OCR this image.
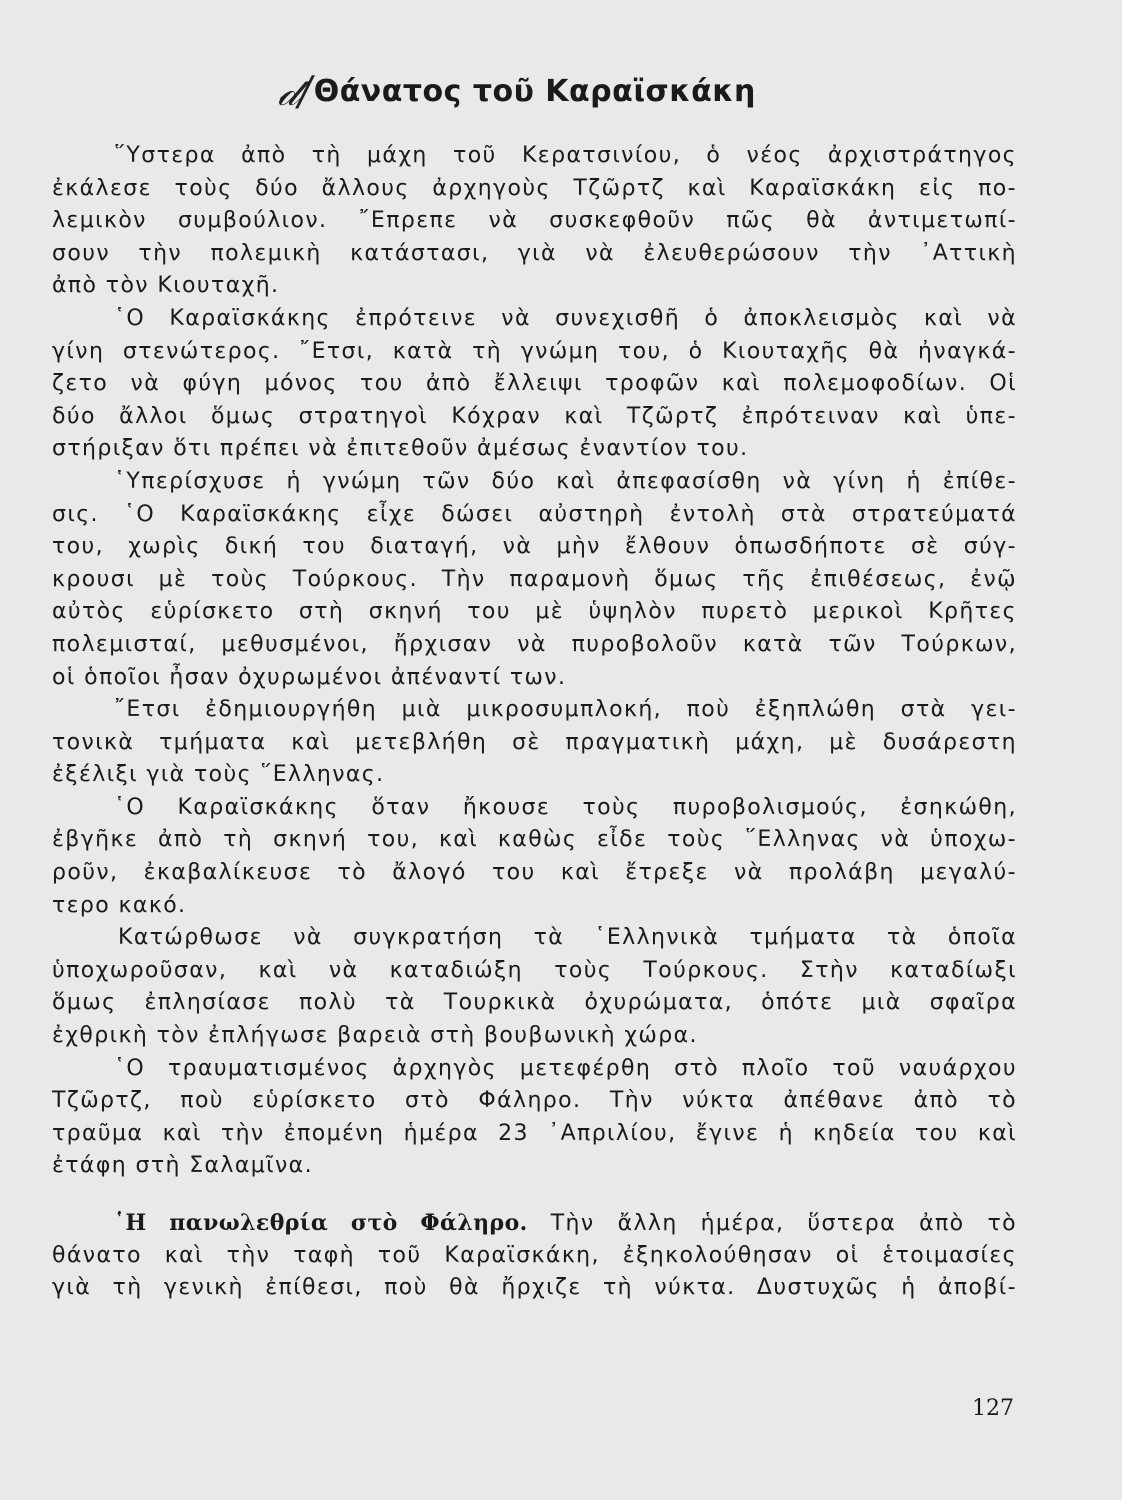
𝒹/ Θάνατος τοῦ Καραϊσκάκη
῞Υστερα ἀπὸ τὴ μάχη τοῦ Κερατσινίου, ὁ νέος ἀρχιστράτηγος
ἐκάλεσε τοὺς δύο ἄλλους ἀρχηγοὺς Τζῶρτζ καὶ Καραϊσκάκη εἰς πο-
λεμικὸν συμβούλιον. ῎Επρεπε νὰ συσκεφθοῦν πῶς θὰ ἀντιμετωπί-
σουν τὴν πολεμικὴ κατάστασι, γιὰ νὰ ἐλευθερώσουν τὴν ᾿Αττικὴ
ἀπὸ τὸν Κιουταχῆ.
῾Ο Καραϊσκάκης ἐπρότεινε νὰ συνεχισθῆ ὁ ἀποκλεισμὸς καὶ νὰ
γίνη στενώτερος. ῎Ετσι, κατὰ τὴ γνώμη του, ὁ Κιουταχῆς θὰ ἠναγκά-
ζετο νὰ φύγη μόνος του ἀπὸ ἔλλειψι τροφῶν καὶ πολεμοφοδίων. Οἱ
δύο ἄλλοι ὅμως στρατηγοὶ Κόχραν καὶ Τζῶρτζ ἐπρότειναν καὶ ὑπε-
στήριξαν ὅτι πρέπει νὰ ἐπιτεθοῦν ἀμέσως ἐναντίον του.
῾Υπερίσχυσε ἡ γνώμη τῶν δύο καὶ ἀπεφασίσθη νὰ γίνη ἡ ἐπίθε-
σις. ῾Ο Καραϊσκάκης εἶχε δώσει αὐστηρὴ ἐντολὴ στὰ στρατεύματά
του, χωρὶς δική του διαταγή, νὰ μὴν ἔλθουν ὁπωσδήποτε σὲ σύγ-
κρουσι μὲ τοὺς Τούρκους. Τὴν παραμονὴ ὅμως τῆς ἐπιθέσεως, ἐνῷ
αὐτὸς εὑρίσκετο στὴ σκηνή του μὲ ὑψηλὸν πυρετὸ μερικοὶ Κρῆτες
πολεμισταί, μεθυσμένοι, ἤρχισαν νὰ πυροβολοῦν κατὰ τῶν Τούρκων,
οἱ ὁποῖοι ἦσαν ὀχυρωμένοι ἀπέναντί των.
῎Ετσι ἐδημιουργήθη μιὰ μικροσυμπλοκή, ποὺ ἐξηπλώθη στὰ γει-
τονικὰ τμήματα καὶ μετεβλήθη σὲ πραγματικὴ μάχη, μὲ δυσάρεστη
ἐξέλιξι γιὰ τοὺς ῞Ελληνας.
῾Ο Καραϊσκάκης ὅταν ἤκουσε τοὺς πυροβολισμούς, ἐσηκώθη,
ἐβγῆκε ἀπὸ τὴ σκηνή του, καὶ καθὼς εἶδε τοὺς ῞Ελληνας νὰ ὑποχω-
ροῦν, ἐκαβαλίκευσε τὸ ἄλογό του καὶ ἔτρεξε νὰ προλάβη μεγαλύ-
τερο κακό.
Κατώρθωσε νὰ συγκρατήση τὰ ῾Ελληνικὰ τμήματα τὰ ὁποῖα
ὑποχωροῦσαν, καὶ νὰ καταδιώξη τοὺς Τούρκους. Στὴν καταδίωξι
ὅμως ἐπλησίασε πολὺ τὰ Τουρκικὰ ὀχυρώματα, ὁπότε μιὰ σφαῖρα
ἐχθρικὴ τὸν ἐπλήγωσε βαρειὰ στὴ βουβωνικὴ χώρα.
῾Ο τραυματισμένος ἀρχηγὸς μετεφέρθη στὸ πλοῖο τοῦ ναυάρχου
Τζῶρτζ, ποὺ εὑρίσκετο στὸ Φάληρο. Τὴν νύκτα ἀπέθανε ἀπὸ τὸ
τραῦμα καὶ τὴν ἐπομένη ἡμέρα 23 ᾿Απριλίου, ἔγινε ἡ κηδεία του καὶ
ἐτάφη στὴ Σαλαμῖνα.
῾Η πανωλεθρία στὸ Φάληρο. Τὴν ἄλλη ἡμέρα, ὕστερα ἀπὸ τὸ
θάνατο καὶ τὴν ταφὴ τοῦ Καραϊσκάκη, ἐξηκολούθησαν οἱ ἑτοιμασίες
γιὰ τὴ γενικὴ ἐπίθεσι, ποὺ θὰ ἤρχιζε τὴ νύκτα. Δυστυχῶς ἡ ἀποβί-
127
